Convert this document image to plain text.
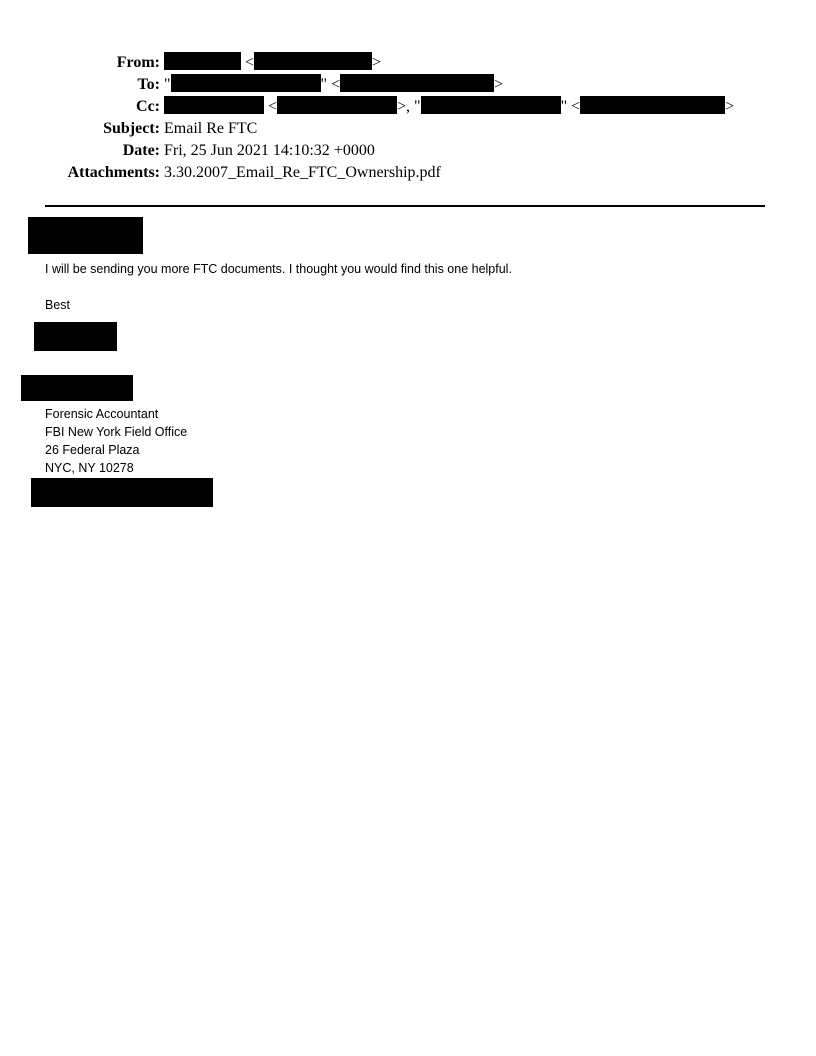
From:	<	>
To: "	" <	>
Cc:	<	>, "	" <	>
Subject: Email Re FTC
Date: Fri, 25 Jun 2021 14:10:32 +0000
Attachments: 3.30.2007_Email_Re_FTC_Ownership.pdf
I will be sending you more FTC documents. I thought you would find this one helpful.
Best
Forensic Accountant
FBI New York Field Office
26 Federal Plaza
NYC, NY 10278
